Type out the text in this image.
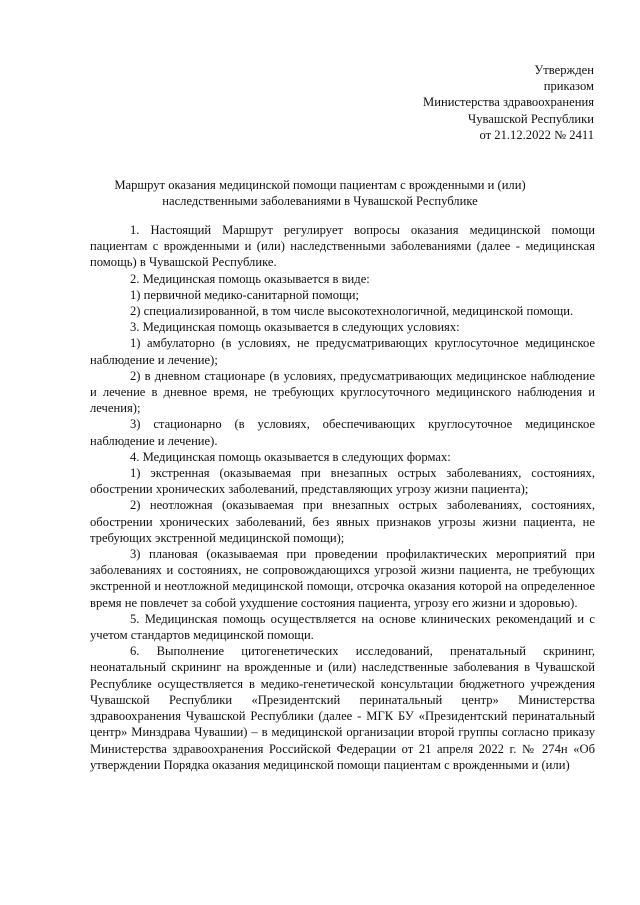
Утвержден
приказом
Министерства здравоохранения
Чувашской Республики
от 21.12.2022 № 2411
Маршрут оказания медицинской помощи пациентам с врожденными и (или)
наследственными заболеваниями в Чувашской Республике

1. Настоящий Маршрут регулирует вопросы оказания медицинской помощи пациентам с врожденными и (или) наследственными заболеваниями (далее - медицинская помощь) в Чувашской Республике.

2. Медицинская помощь оказывается в виде:

1) первичной медико-санитарной помощи;

2) специализированной, в том числе высокотехнологичной, медицинской помощи.

3. Медицинская помощь оказывается в следующих условиях:

1) амбулаторно (в условиях, не предусматривающих круглосуточное медицинское наблюдение и лечение);

2) в дневном стационаре (в условиях, предусматривающих медицинское наблюдение и лечение в дневное время, не требующих круглосуточного медицинского наблюдения и лечения);

3) стационарно (в условиях, обеспечивающих круглосуточное медицинское наблюдение и лечение).

4. Медицинская помощь оказывается в следующих формах:

1) экстренная (оказываемая при внезапных острых заболеваниях, состояниях, обострении хронических заболеваний, представляющих угрозу жизни пациента);

2) неотложная (оказываемая при внезапных острых заболеваниях, состояниях, обострении хронических заболеваний, без явных признаков угрозы жизни пациента, не требующих экстренной медицинской помощи);

3) плановая (оказываемая при проведении профилактических мероприятий при заболеваниях и состояниях, не сопровождающихся угрозой жизни пациента, не требующих экстренной и неотложной медицинской помощи, отсрочка оказания которой на определенное время не повлечет за собой ухудшение состояния пациента, угрозу его жизни и здоровью).

5. Медицинская помощь осуществляется на основе клинических рекомендаций и с учетом стандартов медицинской помощи.

6. Выполнение цитогенетических исследований, пренатальный скрининг, неонатальный скрининг на врожденные и (или) наследственные заболевания в Чувашской Республике осуществляется в медико-генетической консультации бюджетного учреждения Чувашской Республики «Президентский перинатальный центр» Министерства здравоохранения Чувашской Республики (далее - МГК БУ «Президентский перинатальный центр» Минздрава Чувашии) – в медицинской организации второй группы согласно приказу Министерства здравоохранения Российской Федерации от 21 апреля 2022 г. № 274н «Об утверждении Порядка оказания медицинской помощи пациентам с врожденными и (или)
